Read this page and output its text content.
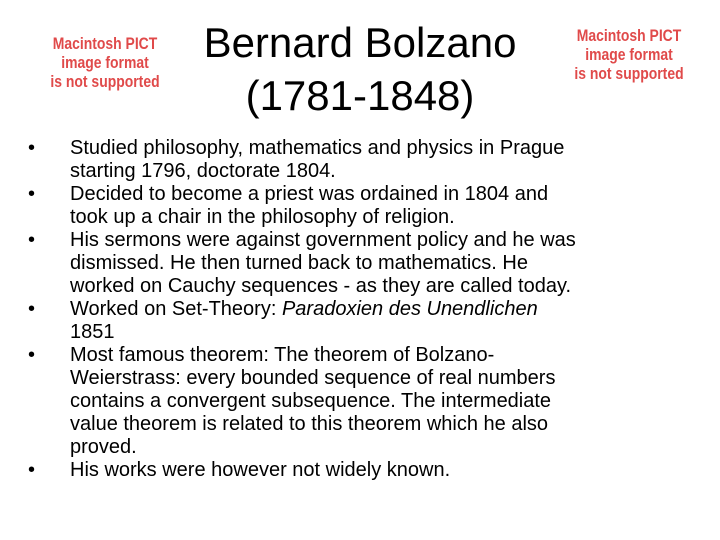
Macintosh PICT
image format
is not supported
Macintosh PICT
image format
is not supported
Bernard Bolzano
(1781-1848)
• Studied philosophy, mathematics and physics in Prague
starting 1796, doctorate 1804.
• Decided to become a priest was ordained in 1804 and
took up a chair in the philosophy of religion.
• His sermons were against government policy and he was
dismissed. He then turned back to mathematics. He
worked on Cauchy sequences - as they are called today.
• Worked on Set-Theory: Paradoxien des Unendlichen
1851
• Most famous theorem: The theorem of Bolzano-
Weierstrass: every bounded sequence of real numbers
contains a convergent subsequence. The intermediate
value theorem is related to this theorem which he also
proved.
• His works were however not widely known.
